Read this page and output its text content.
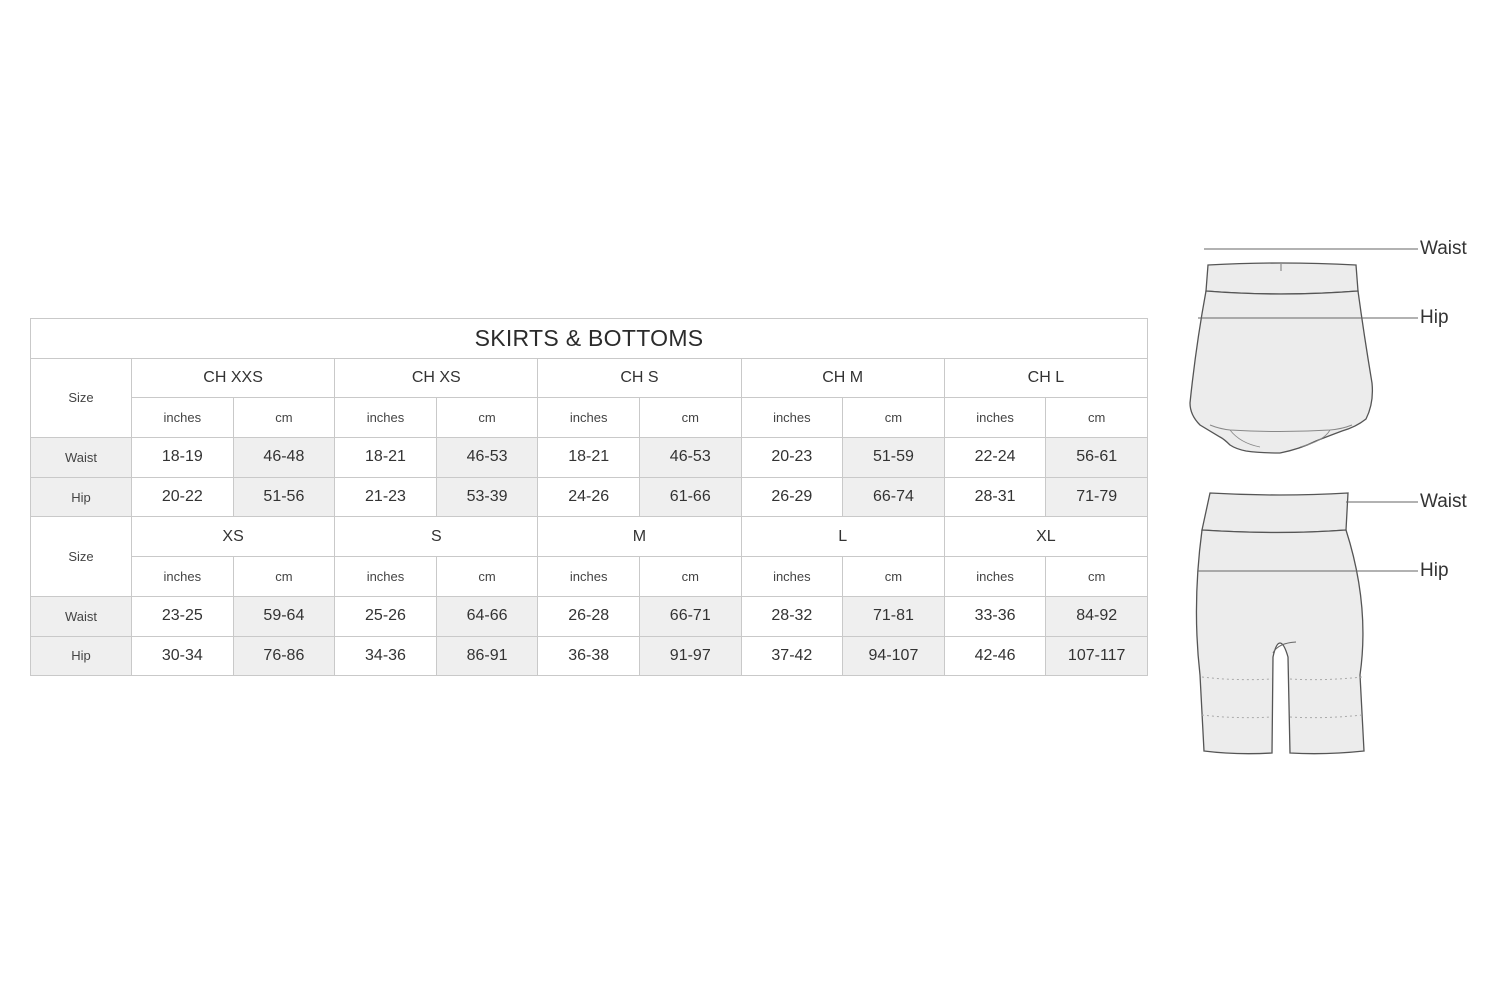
SKIRTS & BOTTOMS										
Size	CH XXS		CH XS		CH S		CH M		CH L	
	inches	cm	inches	cm	inches	cm	inches	cm	inches	cm
Waist	18-19	46-48	18-21	46-53	18-21	46-53	20-23	51-59	22-24	56-61
Hip	20-22	51-56	21-23	53-39	24-26	61-66	26-29	66-74	28-31	71-79
Size	XS		S		M		L		XL	
	inches	cm	inches	cm	inches	cm	inches	cm	inches	cm
Waist	23-25	59-64	25-26	64-66	26-28	66-71	28-32	71-81	33-36	84-92
Hip	30-34	76-86	34-36	86-91	36-38	91-97	37-42	94-107	42-46	107-117
Waist
Hip
Waist
Hip
